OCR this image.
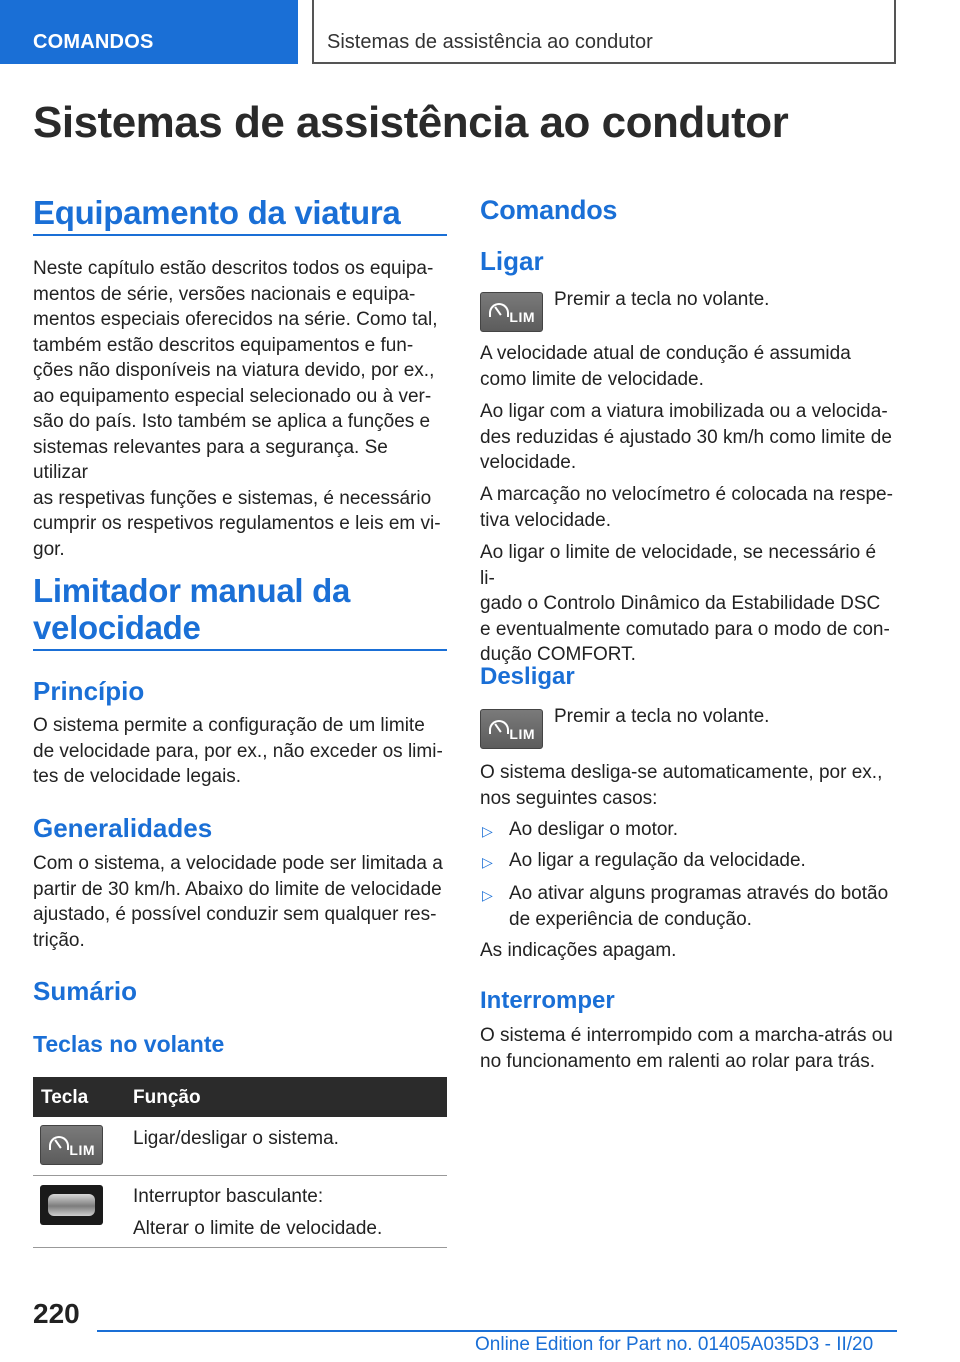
COMANDOS	Sistemas de assistência ao condutor
Sistemas de assistência ao condutor
Equipamento da viatura
Neste capítulo estão descritos todos os equipa-
mentos de série, versões nacionais e equipa-
mentos especiais oferecidos na série. Como tal,
também estão descritos equipamentos e fun-
ções não disponíveis na viatura devido, por ex.,
ao equipamento especial selecionado ou à ver-
são do país. Isto também se aplica a funções e
sistemas relevantes para a segurança. Se utilizar
as respetivas funções e sistemas, é necessário
cumprir os respetivos regulamentos e leis em vi-
gor.
Limitador manual da
velocidade
Princípio
O sistema permite a configuração de um limite
de velocidade para, por ex., não exceder os limi-
tes de velocidade legais.
Generalidades
Com o sistema, a velocidade pode ser limitada a
partir de 30 km/h. Abaixo do limite de velocidade
ajustado, é possível conduzir sem qualquer res-
trição.
Sumário
Teclas no volante
Tecla Função
LIM
Ligar/desligar o sistema.
Interruptor basculante:
Alterar o limite de velocidade.
Comandos
Ligar
LIM
Premir a tecla no volante.
A velocidade atual de condução é assumida
como limite de velocidade.
Ao ligar com a viatura imobilizada ou a velocida-
des reduzidas é ajustado 30 km/h como limite de
velocidade.
A marcação no velocímetro é colocada na respe-
tiva velocidade.
Ao ligar o limite de velocidade, se necessário é li-
gado o Controlo Dinâmico da Estabilidade DSC
e eventualmente comutado para o modo de con-
dução COMFORT.
Desligar
LIM
Premir a tecla no volante.
O sistema desliga-se automaticamente, por ex.,
nos seguintes casos:
▷ Ao desligar o motor.
▷ Ao ligar a regulação da velocidade.
▷ Ao ativar alguns programas através do botão
de experiência de condução.
As indicações apagam.
Interromper
O sistema é interrompido com a marcha-atrás ou
no funcionamento em ralenti ao rolar para trás.
220
Online Edition for Part no. 01405A035D3 - II/20
